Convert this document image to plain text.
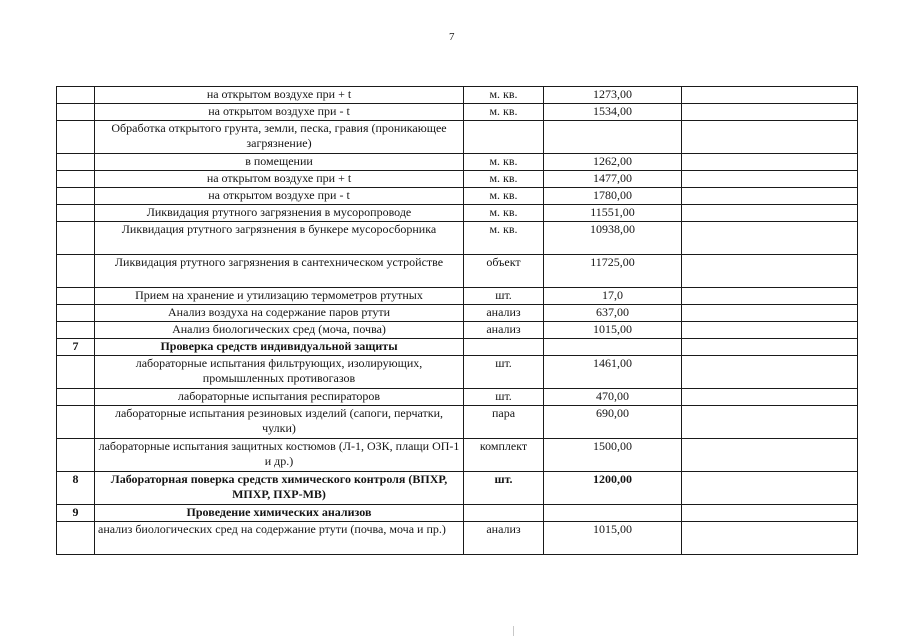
7
	на открытом воздухе при + t	м. кв.	1273,00	
	на открытом воздухе при - t	м. кв.	1534,00	
	Обработка открытого грунта, земли, песка, гравия (проникающее загрязнение)			
	в помещении	м. кв.	1262,00	
	на открытом воздухе при + t	м. кв.	1477,00	
	на открытом воздухе при - t	м. кв.	1780,00	
	Ликвидация ртутного загрязнения в мусоропроводе	м. кв.	11551,00	
	Ликвидация ртутного загрязнения в бункере мусоросборника	м. кв.	10938,00	
	Ликвидация ртутного загрязнения в сантехническом устройстве	объект	11725,00	
	Прием на хранение и утилизацию термометров ртутных	шт.	17,0	
	Анализ воздуха на содержание паров ртути	анализ	637,00	
	Анализ биологических сред (моча, почва)	анализ	1015,00	
7	Проверка средств индивидуальной защиты			
	лабораторные испытания фильтрующих, изолирующих, промышленных противогазов	шт.	1461,00	
	лабораторные испытания респираторов	шт.	470,00	
	лабораторные испытания резиновых изделий (сапоги, перчатки, чулки)	пара	690,00	
	лабораторные испытания защитных костюмов (Л-1, ОЗК, плащи ОП-1 и др.)	комплект	1500,00	
8	Лабораторная поверка средств химического контроля (ВПХР, МПХР, ПХР-МВ)	шт.	1200,00	
9	Проведение химических анализов			
	анализ биологических сред на содержание ртути (почва, моча и пр.)	анализ	1015,00	
